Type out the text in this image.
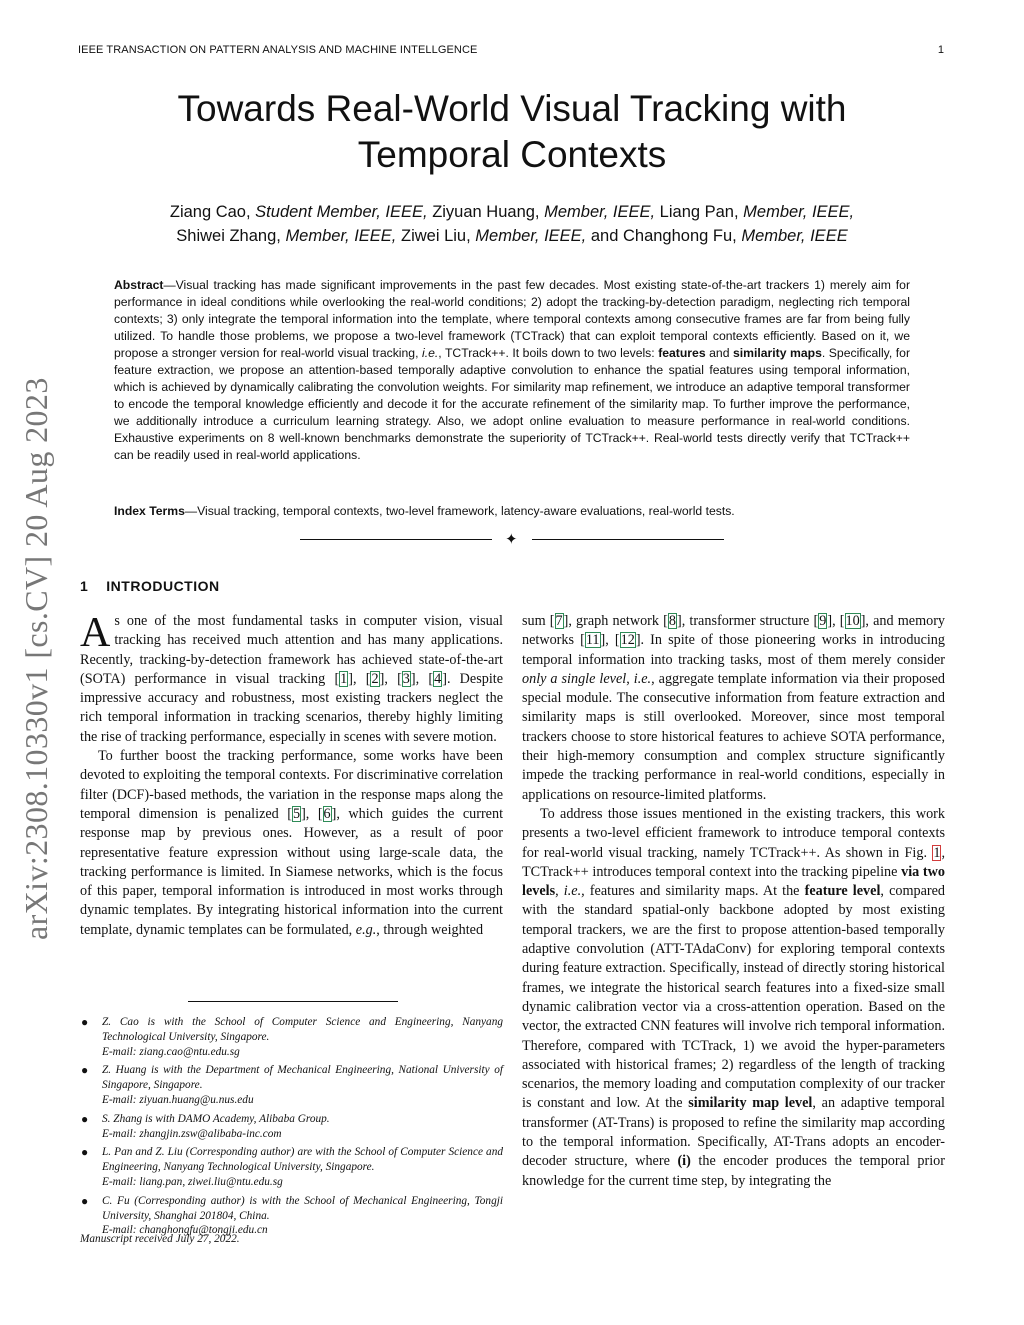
IEEE TRANSACTION ON PATTERN ANALYSIS AND MACHINE INTELLGENCE	1
arXiv:2308.10330v1 [cs.CV] 20 Aug 2023
Towards Real-World Visual Tracking with
Temporal Contexts
Ziang Cao, Student Member, IEEE, Ziyuan Huang, Member, IEEE, Liang Pan, Member, IEEE,
Shiwei Zhang, Member, IEEE, Ziwei Liu, Member, IEEE, and Changhong Fu, Member, IEEE
Abstract—Visual tracking has made significant improvements in the past few decades. Most existing state-of-the-art trackers 1) merely aim for performance in ideal conditions while overlooking the real-world conditions; 2) adopt the tracking-by-detection paradigm, neglecting rich temporal contexts; 3) only integrate the temporal information into the template, where temporal contexts among consecutive frames are far from being fully utilized. To handle those problems, we propose a two-level framework (TCTrack) that can exploit temporal contexts efficiently. Based on it, we propose a stronger version for real-world visual tracking, i.e., TCTrack++. It boils down to two levels: features and similarity maps. Specifically, for feature extraction, we propose an attention-based temporally adaptive convolution to enhance the spatial features using temporal information, which is achieved by dynamically calibrating the convolution weights. For similarity map refinement, we introduce an adaptive temporal transformer to encode the temporal knowledge efficiently and decode it for the accurate refinement of the similarity map. To further improve the performance, we additionally introduce a curriculum learning strategy. Also, we adopt online evaluation to measure performance in real-world conditions. Exhaustive experiments on 8 well-known benchmarks demonstrate the superiority of TCTrack++. Real-world tests directly verify that TCTrack++ can be readily used in real-world applications.
Index Terms—Visual tracking, temporal contexts, two-level framework, latency-aware evaluations, real-world tests.
✦
1 INTRODUCTION

As one of the most fundamental tasks in computer vision, visual tracking has received much attention and has many applications. Recently, tracking-by-detection framework has achieved state-of-the-art (SOTA) performance in visual tracking [1], [2], [3], [4]. Despite impressive accuracy and robustness, most existing trackers neglect the rich temporal information in tracking scenarios, thereby highly limiting the rise of tracking performance, especially in scenes with severe motion.

To further boost the tracking performance, some works have been devoted to exploiting the temporal contexts. For discriminative correlation filter (DCF)-based methods, the variation in the response maps along the temporal dimension is penalized [5], [6], which guides the current response map by previous ones. However, as a result of poor representative feature expression without using large-scale data, the tracking performance is limited. In Siamese networks, which is the focus of this paper, temporal information is introduced in most works through dynamic templates. By integrating historical information into the current template, dynamic templates can be formulated, e.g., through weighted

● Z. Cao is with the School of Computer Science and Engineering, Nanyang Technological University, Singapore.
E-mail: ziang.cao@ntu.edu.sg
● Z. Huang is with the Department of Mechanical Engineering, National University of Singapore, Singapore.
E-mail: ziyuan.huang@u.nus.edu
● S. Zhang is with DAMO Academy, Alibaba Group.
E-mail: zhangjin.zsw@alibaba-inc.com
● L. Pan and Z. Liu (Corresponding author) are with the School of Computer Science and Engineering, Nanyang Technological University, Singapore.
E-mail: liang.pan, ziwei.liu@ntu.edu.sg
● C. Fu (Corresponding author) is with the School of Mechanical Engineering, Tongji University, Shanghai 201804, China.
E-mail: changhongfu@tongji.edu.cn
Manuscript received July 27, 2022.

sum [7], graph network [8], transformer structure [9], [10], and memory networks [11], [12]. In spite of those pioneering works in introducing temporal information into tracking tasks, most of them merely consider only a single level, i.e., aggregate template information via their proposed special module. The consecutive information from feature extraction and similarity maps is still overlooked. Moreover, since most temporal trackers choose to store historical features to achieve SOTA performance, their high-memory consumption and complex structure significantly impede the tracking performance in real-world conditions, especially in applications on resource-limited platforms.

To address those issues mentioned in the existing trackers, this work presents a two-level efficient framework to introduce temporal contexts for real-world visual tracking, namely TCTrack++. As shown in Fig. 1, TCTrack++ introduces temporal context into the tracking pipeline via two levels, i.e., features and similarity maps. At the feature level, compared with the standard spatial-only backbone adopted by most existing temporal trackers, we are the first to propose attention-based temporally adaptive convolution (ATT-TAdaConv) for exploring temporal contexts during feature extraction. Specifically, instead of directly storing historical frames, we integrate the historical search features into a fixed-size small dynamic calibration vector via a cross-attention operation. Based on the vector, the extracted CNN features will involve rich temporal information. Therefore, compared with TCTrack, 1) we avoid the hyper-parameters associated with historical frames; 2) regardless of the length of tracking scenarios, the memory loading and computation complexity of our tracker is constant and low. At the similarity map level, an adaptive temporal transformer (AT-Trans) is proposed to refine the similarity map according to the temporal information. Specifically, AT-Trans adopts an encoder-decoder structure, where (i) the encoder produces the temporal prior knowledge for the current time step, by integrating the
